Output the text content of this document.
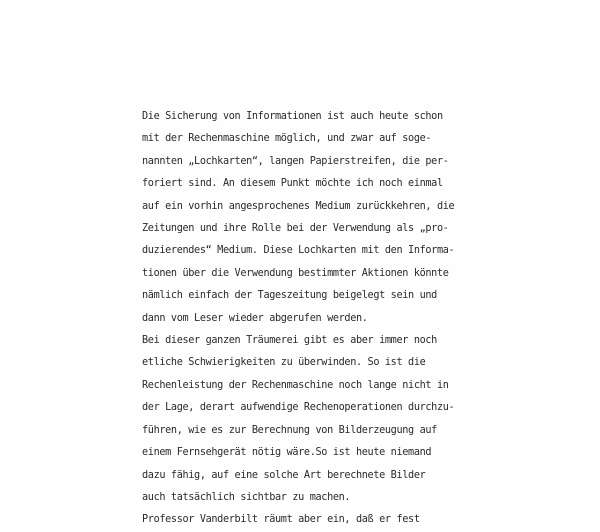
Die Sicherung von Informationen ist auch heute schon
mit der Rechenmaschine möglich, und zwar auf soge-
nannten „Lochkarten“, langen Papierstreifen, die per-
foriert sind. An diesem Punkt möchte ich noch einmal
auf ein vorhin angesprochenes Medium zurückkehren, die
Zeitungen und ihre Rolle bei der Verwendung als „pro-
duzierendes“ Medium. Diese Lochkarten mit den Informa-
tionen über die Verwendung bestimmter Aktionen könnte
nämlich einfach der Tageszeitung beigelegt sein und
dann vom Leser wieder abgerufen werden.
Bei dieser ganzen Träumerei gibt es aber immer noch
etliche Schwierigkeiten zu überwinden. So ist die
Rechenleistung der Rechenmaschine noch lange nicht in
der Lage, derart aufwendige Rechenoperationen durchzu-
führen, wie es zur Berechnung von Bilderzeugung auf
einem Fernsehgerät nötig wäre.So ist heute niemand
dazu fähig, auf eine solche Art berechnete Bilder
auch tatsächlich sichtbar zu machen.
Professor Vanderbilt räumt aber ein, daß er fest
